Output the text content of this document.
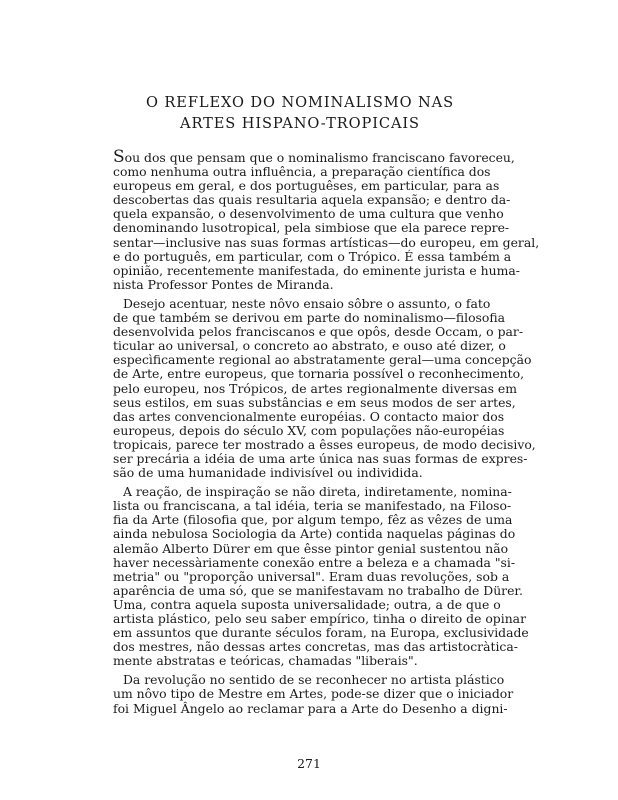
O REFLEXO DO NOMINALISMO NAS
ARTES HISPANO-TROPICAIS
Sou dos que pensam que o nominalismo franciscano favoreceu,
como nenhuma outra influência, a preparação científica dos
europeus em geral, e dos portuguêses, em particular, para as
descobertas das quais resultaria aquela expansão; e dentro da-
quela expansão, o desenvolvimento de uma cultura que venho
denominando lusotropical, pela simbiose que ela parece repre-
sentar—inclusive nas suas formas artísticas—do europeu, em geral,
e do português, em particular, com o Trópico. É essa também a
opinião, recentemente manifestada, do eminente jurista e huma-
nista Professor Pontes de Miranda.
Desejo acentuar, neste nôvo ensaio sôbre o assunto, o fato
de que também se derivou em parte do nominalismo—filosofia
desenvolvida pelos franciscanos e que opôs, desde Occam, o par-
ticular ao universal, o concreto ao abstrato, e ouso até dizer, o
especìficamente regional ao abstratamente geral—uma concepção
de Arte, entre europeus, que tornaria possível o reconhecimento,
pelo europeu, nos Trópicos, de artes regionalmente diversas em
seus estilos, em suas substâncias e em seus modos de ser artes,
das artes convencionalmente européias. O contacto maior dos
europeus, depois do século XV, com populações não-européias
tropicais, parece ter mostrado a êsses europeus, de modo decisivo,
ser precária a idéia de uma arte única nas suas formas de expres-
são de uma humanidade indivisível ou individida.
A reação, de inspiração se não direta, indiretamente, nomina-
lista ou franciscana, a tal idéia, teria se manifestado, na Filoso-
fia da Arte (filosofia que, por algum tempo, fêz as vêzes de uma
ainda nebulosa Sociologia da Arte) contida naquelas páginas do
alemão Alberto Dürer em que êsse pintor genial sustentou não
haver necessàriamente conexão entre a beleza e a chamada "si-
metria" ou "proporção universal". Eram duas revoluções, sob a
aparência de uma só, que se manifestavam no trabalho de Dürer.
Uma, contra aquela suposta universalidade; outra, a de que o
artista plástico, pelo seu saber empírico, tinha o direito de opinar
em assuntos que durante séculos foram, na Europa, exclusividade
dos mestres, não dessas artes concretas, mas das artistocràtica-
mente abstratas e teóricas, chamadas "liberais".
Da revolução no sentido de se reconhecer no artista plástico
um nôvo tipo de Mestre em Artes, pode-se dizer que o iniciador
foi Miguel Ângelo ao reclamar para a Arte do Desenho a digni-
271
